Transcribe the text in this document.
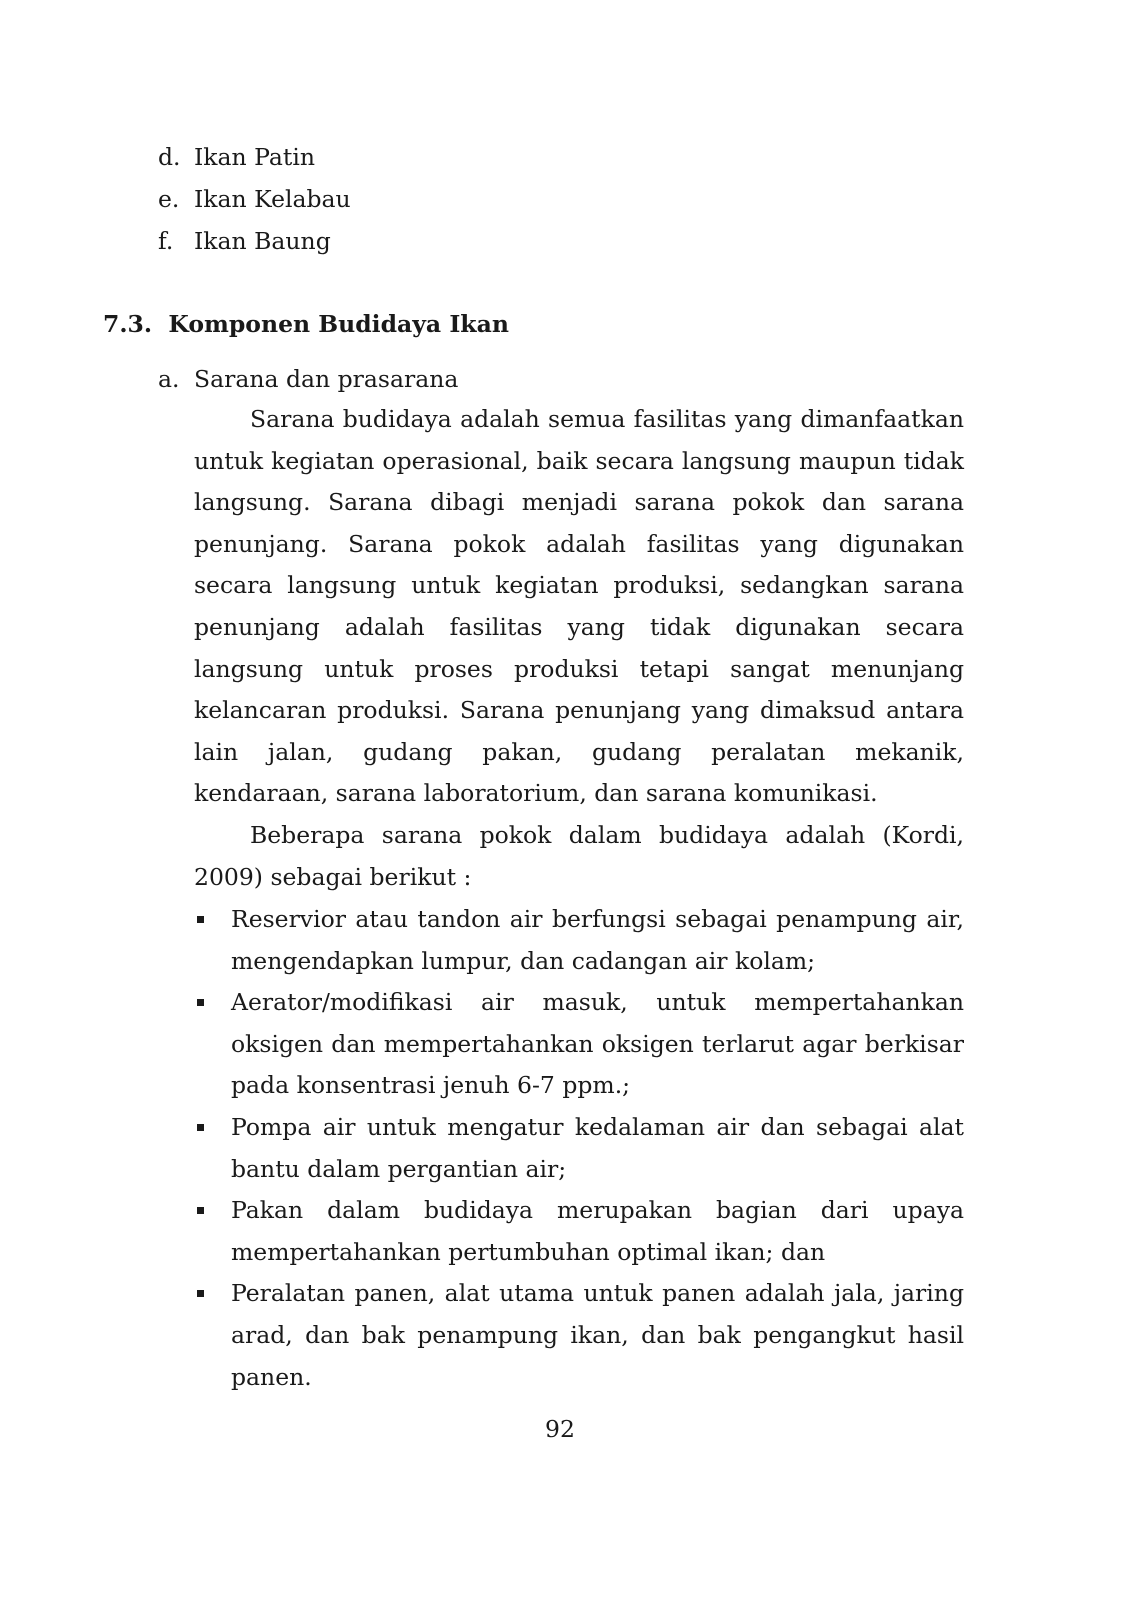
d. Ikan Patin
e. Ikan Kelabau
f. Ikan Baung
7.3.  Komponen Budidaya Ikan
a. Sarana dan prasarana

Sarana budidaya adalah semua fasilitas yang dimanfaatkan untuk kegiatan operasional, baik secara langsung maupun tidak langsung. Sarana dibagi menjadi sarana pokok dan sarana penunjang. Sarana pokok adalah fasilitas yang digunakan secara langsung untuk kegiatan produksi, sedangkan sarana penunjang adalah fasilitas yang tidak digunakan secara langsung untuk proses produksi tetapi sangat menunjang kelancaran produksi. Sarana penunjang yang dimaksud antara lain jalan, gudang pakan, gudang peralatan mekanik, kendaraan, sarana laboratorium, dan sarana komunikasi.

Beberapa sarana pokok dalam budidaya adalah (Kordi, 2009) sebagai berikut :

Reservior atau tandon air berfungsi sebagai penampung air, mengendapkan lumpur, dan cadangan air kolam;
Aerator/modifikasi air masuk, untuk mempertahankan oksigen dan mempertahankan oksigen terlarut agar berkisar pada konsentrasi jenuh 6-7 ppm.;
Pompa air untuk mengatur kedalaman air dan sebagai alat bantu dalam pergantian air;
Pakan dalam budidaya merupakan bagian dari upaya mempertahankan pertumbuhan optimal ikan; dan
Peralatan panen, alat utama untuk panen adalah jala, jaring arad, dan bak penampung ikan, dan bak pengangkut hasil panen.
92
